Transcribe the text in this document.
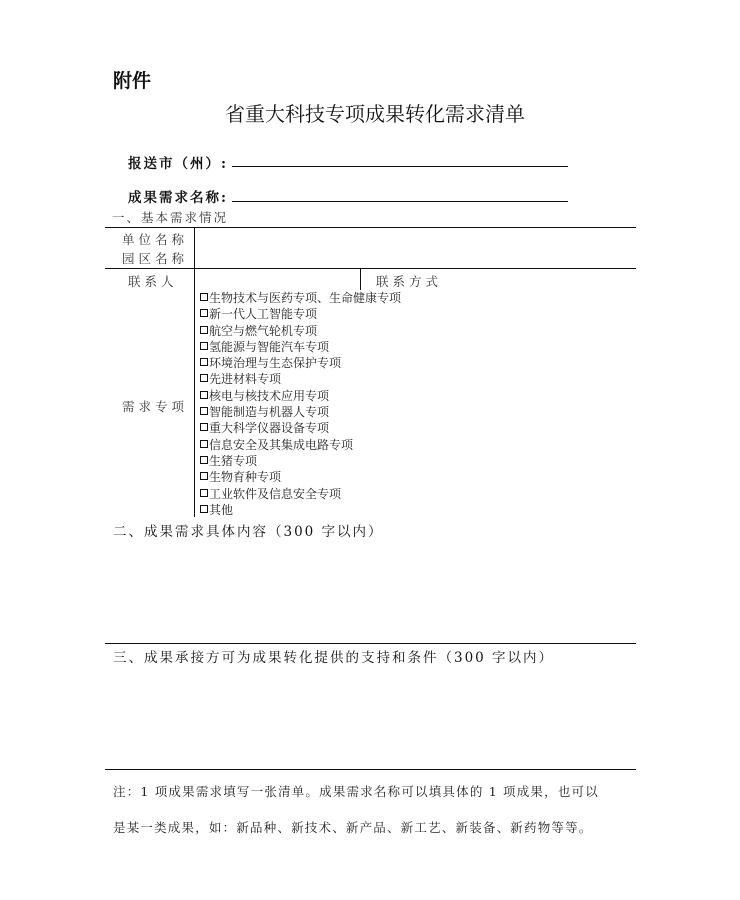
附件
省重大科技专项成果转化需求清单
报送市（州）:
成果需求名称:
一、基本需求情况
单位名称
园区名称
联系人	联系方式
需求专项
生物技术与医药专项、生命健康专项
新一代人工智能专项
航空与燃气轮机专项
氢能源与智能汽车专项
环境治理与生态保护专项
先进材料专项
核电与核技术应用专项
智能制造与机器人专项
重大科学仪器设备专项
信息安全及其集成电路专项
生猪专项
生物育种专项
工业软件及信息安全专项
其他
二、成果需求具体内容（300 字以内）
三、成果承接方可为成果转化提供的支持和条件（300 字以内）
注：1 项成果需求填写一张清单。成果需求名称可以填具体的 1 项成果，也可以
是某一类成果，如：新品种、新技术、新产品、新工艺、新装备、新药物等等。
